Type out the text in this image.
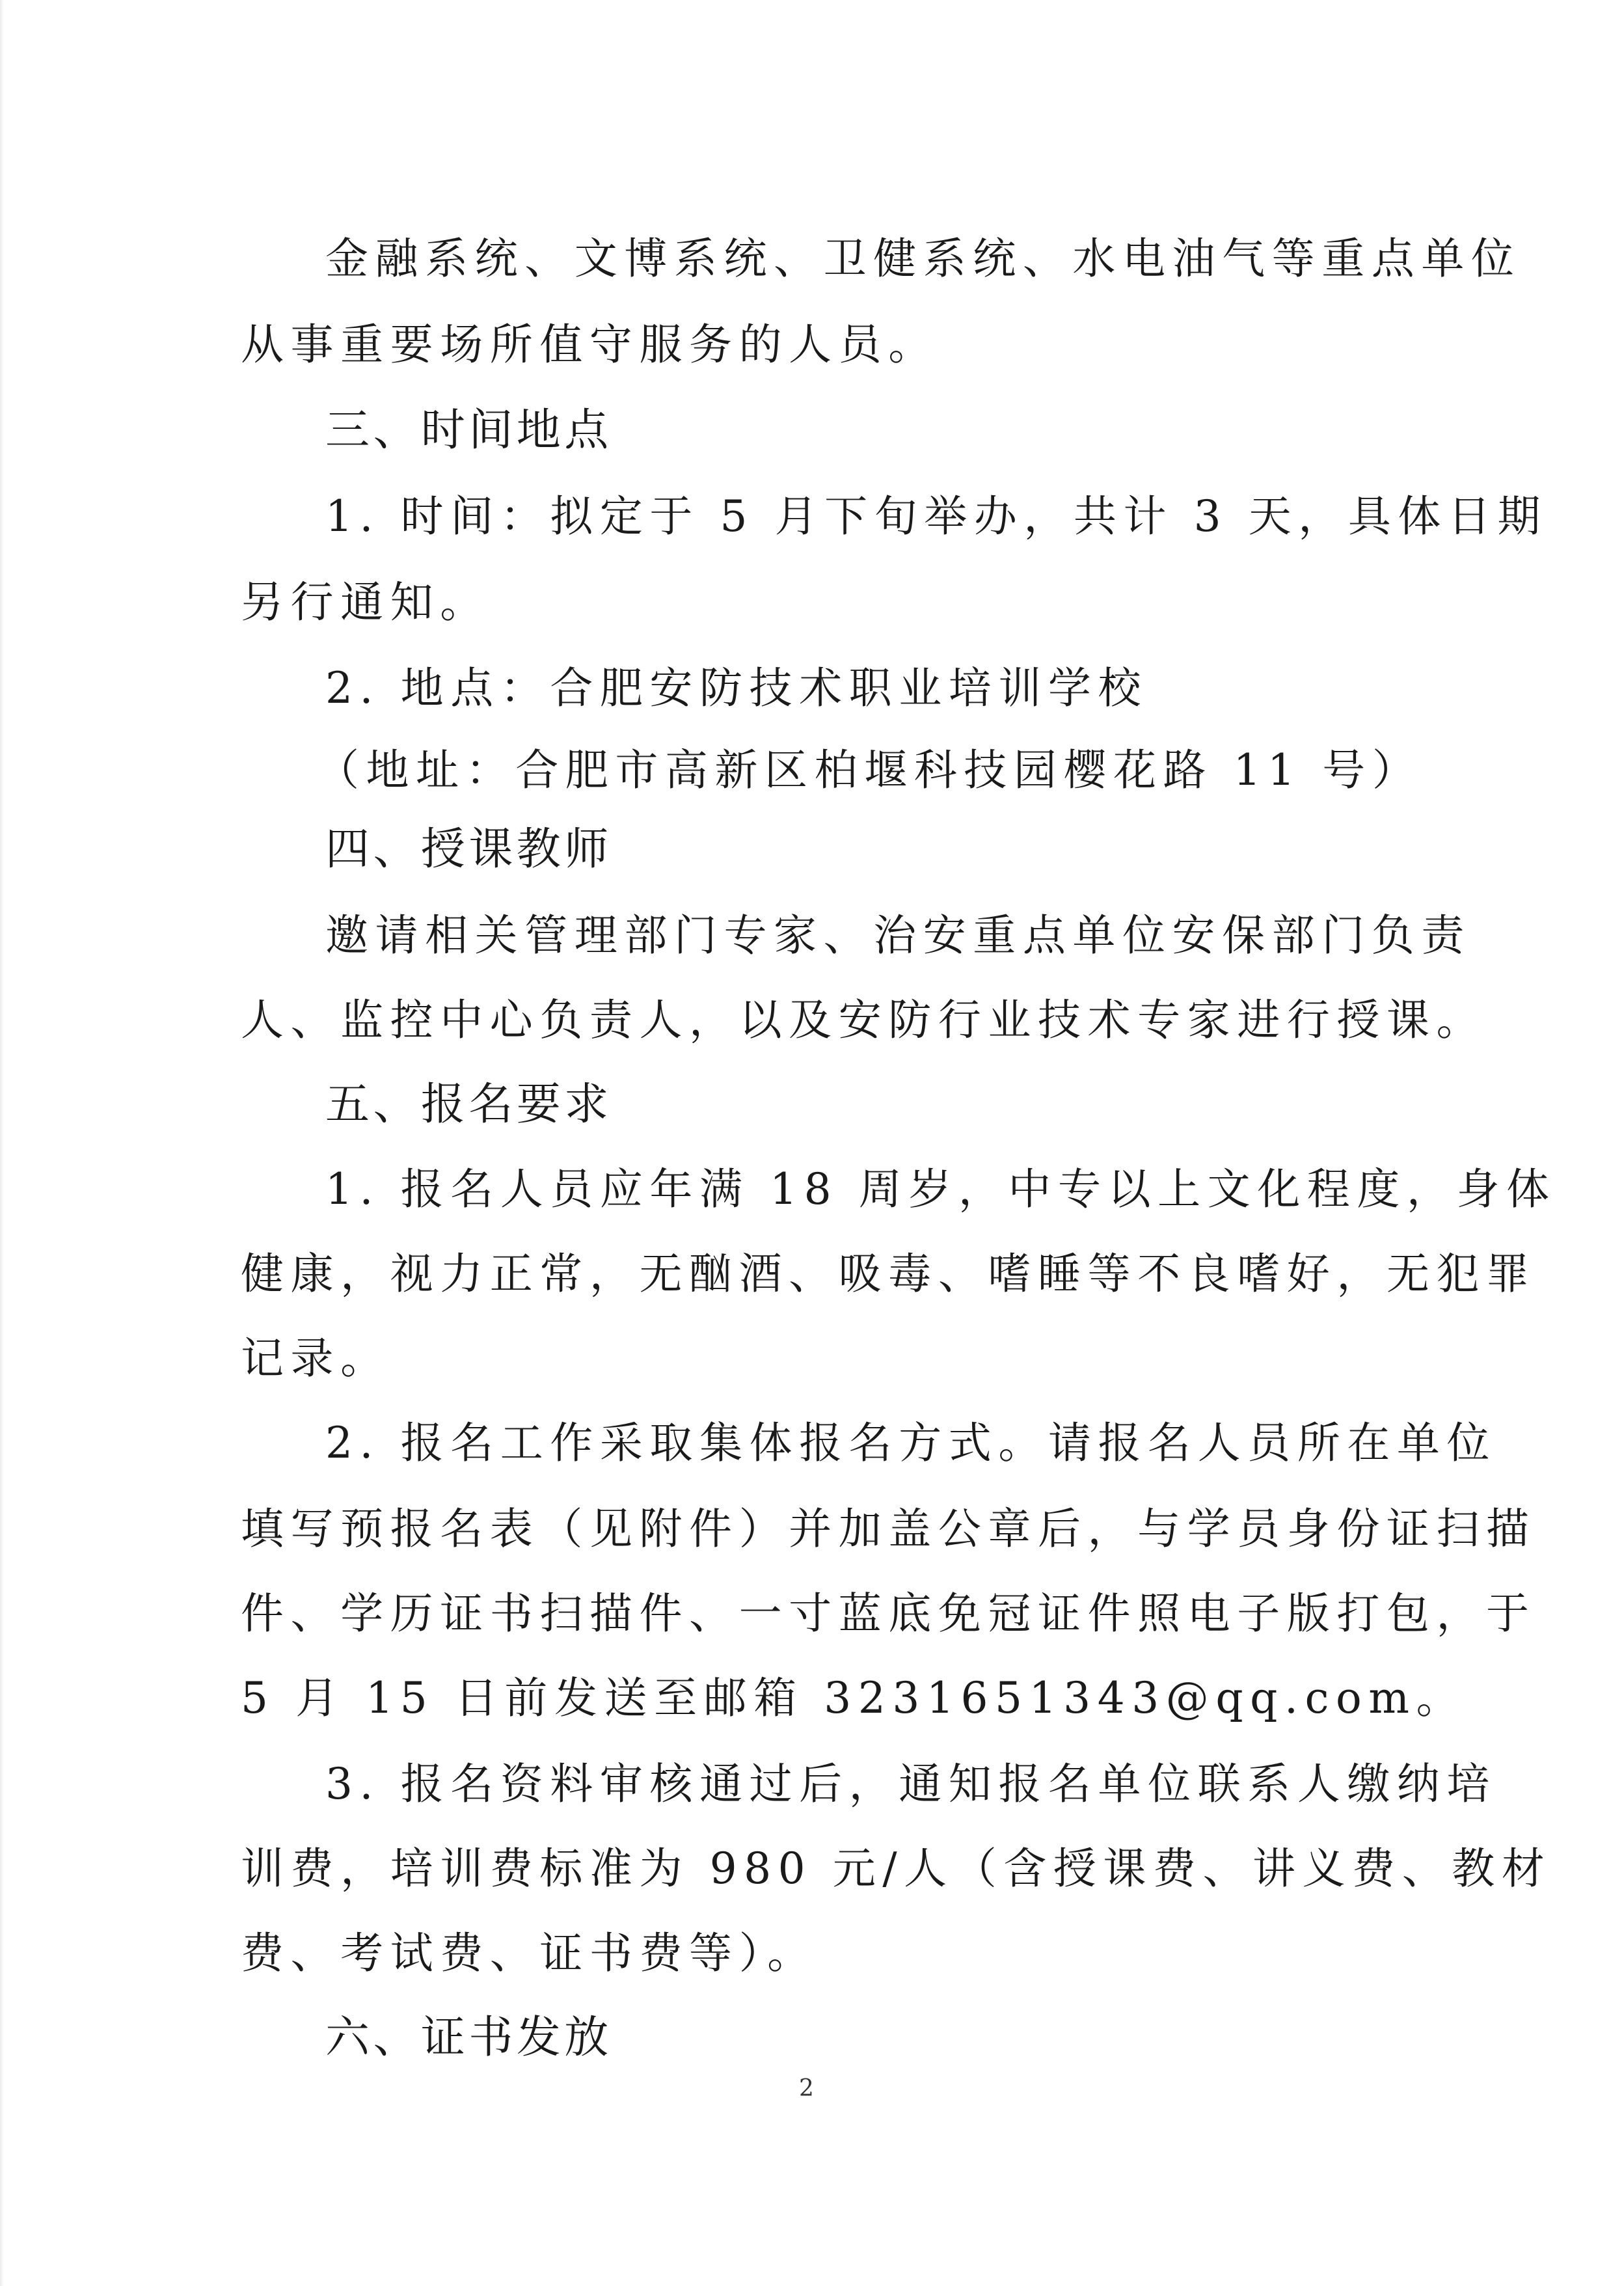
金融系统、文博系统、卫健系统、水电油气等重点单位
从事重要场所值守服务的人员。
三、时间地点
1. 时间：拟定于 5 月下旬举办，共计 3 天，具体日期
另行通知。
2. 地点：合肥安防技术职业培训学校
（地址：合肥市高新区柏堰科技园樱花路 11 号）
四、授课教师
邀请相关管理部门专家、治安重点单位安保部门负责
人、监控中心负责人，以及安防行业技术专家进行授课。
五、报名要求
1. 报名人员应年满 18 周岁，中专以上文化程度，身体
健康，视力正常，无酗酒、吸毒、嗜睡等不良嗜好，无犯罪
记录。
2. 报名工作采取集体报名方式。请报名人员所在单位
填写预报名表（见附件）并加盖公章后，与学员身份证扫描
件、学历证书扫描件、一寸蓝底免冠证件照电子版打包，于
5 月 15 日前发送至邮箱 3231651343@qq.com。
3. 报名资料审核通过后，通知报名单位联系人缴纳培
训费，培训费标准为 980 元/人（含授课费、讲义费、教材
费、考试费、证书费等）。
六、证书发放
2
